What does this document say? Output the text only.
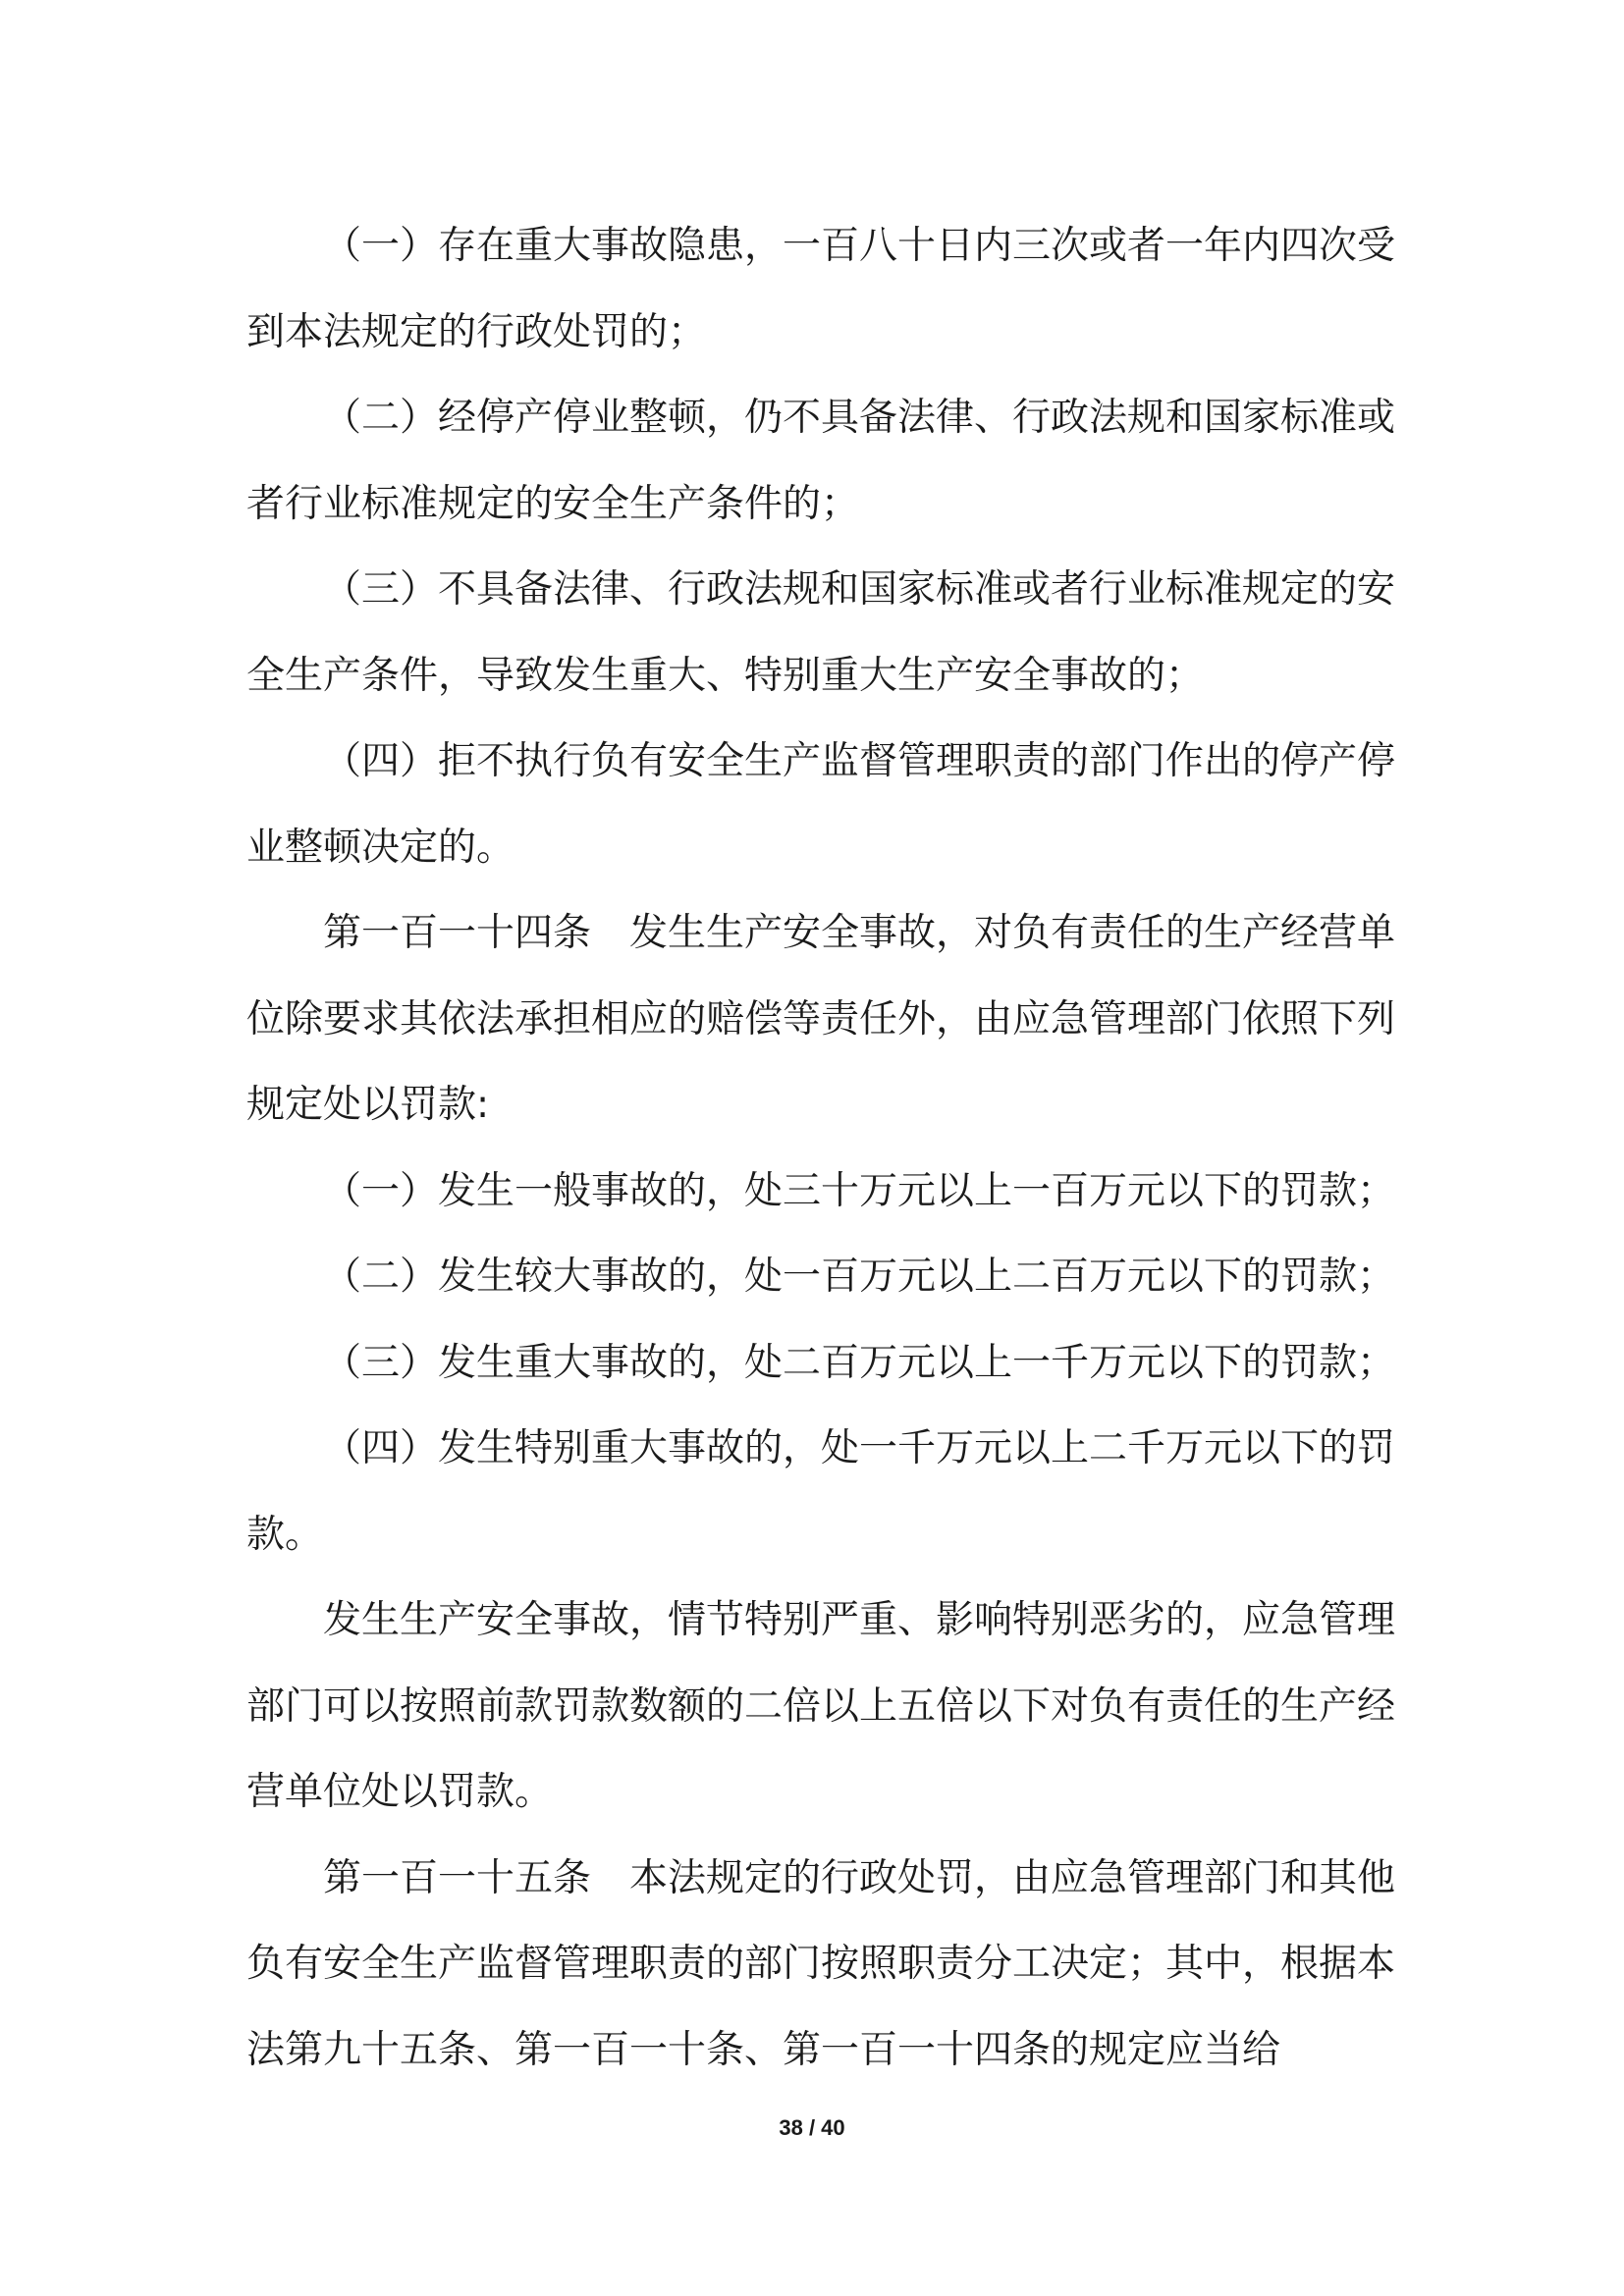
（一）存在重大事故隐患，一百八十日内三次或者一年内四次受到本法规定的行政处罚的；

（二）经停产停业整顿，仍不具备法律、行政法规和国家标准或者行业标准规定的安全生产条件的；

（三）不具备法律、行政法规和国家标准或者行业标准规定的安全生产条件，导致发生重大、特别重大生产安全事故的；

（四）拒不执行负有安全生产监督管理职责的部门作出的停产停业整顿决定的。

第一百一十四条　发生生产安全事故，对负有责任的生产经营单位除要求其依法承担相应的赔偿等责任外，由应急管理部门依照下列规定处以罚款:

（一）发生一般事故的，处三十万元以上一百万元以下的罚款；

（二）发生较大事故的，处一百万元以上二百万元以下的罚款；

（三）发生重大事故的，处二百万元以上一千万元以下的罚款；

（四）发生特别重大事故的，处一千万元以上二千万元以下的罚款。

发生生产安全事故，情节特别严重、影响特别恶劣的，应急管理部门可以按照前款罚款数额的二倍以上五倍以下对负有责任的生产经营单位处以罚款。

第一百一十五条　本法规定的行政处罚，由应急管理部门和其他负有安全生产监督管理职责的部门按照职责分工决定；其中，根据本法第九十五条、第一百一十条、第一百一十四条的规定应当给

38 / 40
